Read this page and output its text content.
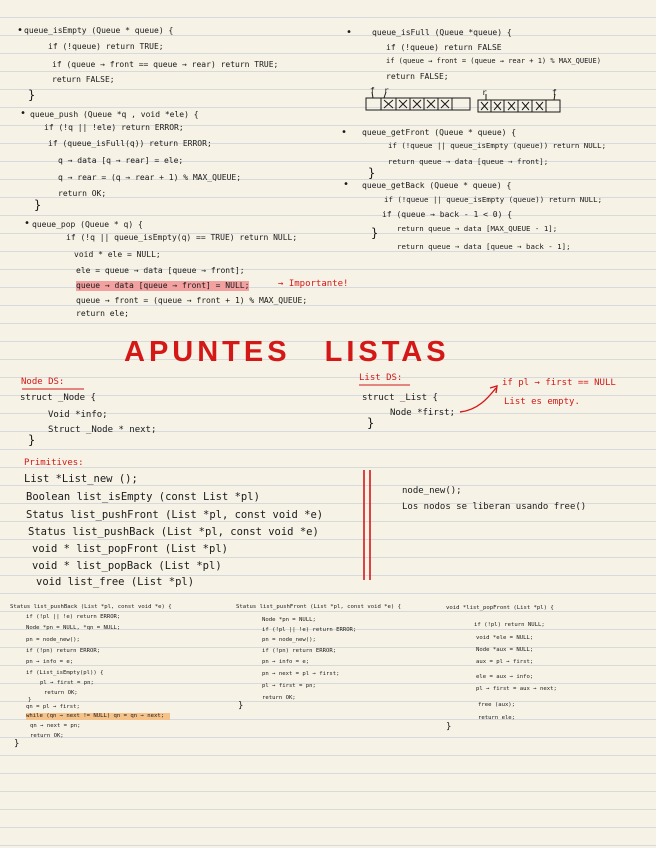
• queue_isEmpty (Queue * queue) {
if (!queue) return TRUE;
if (queue → front == queue → rear) return TRUE;
return FALSE;
}
• queue_push (Queue *q , void *ele) {
if (!q || !ele) return ERROR;
if (queue_isFull(q)) return ERROR;
q → data [q → rear] = ele;
q → rear = (q → rear + 1) % MAX_QUEUE;
return OK;
}
• queue_pop (Queue * q) {
if (!q || queue_isEmpty(q) == TRUE) return NULL;
void * ele = NULL;
ele = queue → data [queue → front];
queue → data [queue → front] = NULL;	→ Importante!
queue → front = (queue → front + 1) % MAX_QUEUE;
return ele;
• queue_isFull (Queue *queue) {
if (!queue) return FALSE
if (queue → front = (queue → rear + 1) % MAX_QUEUE)
return FALSE;
f r	r	f
• queue_getFront (Queue * queue) {
if (!queue || queue_isEmpty (queue)) return NULL;
return queue → data [queue → front];
}
• queue_getBack (Queue * queue) {
if (!queue || queue_isEmpty (queue)) return NULL;
if (queue → back - 1 < 0) {
return queue → data [MAX_QUEUE - 1];
}
return queue → data [queue → back - 1];
APUNTES LISTAS
Node DS:
struct _Node {
Void *info;
Struct _Node * next;
}
List DS:
struct _List {
Node *first;
}
if pl → first == NULL
List es empty.
Primitives:
List *List_new ();
Boolean list_isEmpty (const List *pl)
Status list_pushFront (List *pl, const void *e)
Status list_pushBack (List *pl, const void *e)
void * list_popFront (List *pl)
void * list_popBack (List *pl)
void list_free (List *pl)
node_new();
Los nodos se liberan usando free()
Status list_pushBack (List *pl, const void *e) {
if (!pl || !e) return ERROR;
Node *pn = NULL, *qn = NULL;
pn = node_new();
if (!pn) return ERROR;
pn → info = e;
if (List_isEmpty(pl)) {
pl → first = pn;
return OK;
}
qn = pl → first;
while (qn → next != NULL) qn = qn → next;
qn → next = pn;
return OK;
}
Status list_pushFront (List *pl, const void *e) {
Node *pn = NULL;
if (!pl || !e) return ERROR;
pn = node_new();
if (!pn) return ERROR;
pn → info = e;
pn → next = pl → first;
pl → first = pn;
return OK;
}
void *list_popFront (List *pl) {
if (!pl) return NULL;
void *ele = NULL;
Node *aux = NULL;
aux = pl → first;
ele = aux → info;
pl → first = aux → next;
free (aux);
return ele;
}
